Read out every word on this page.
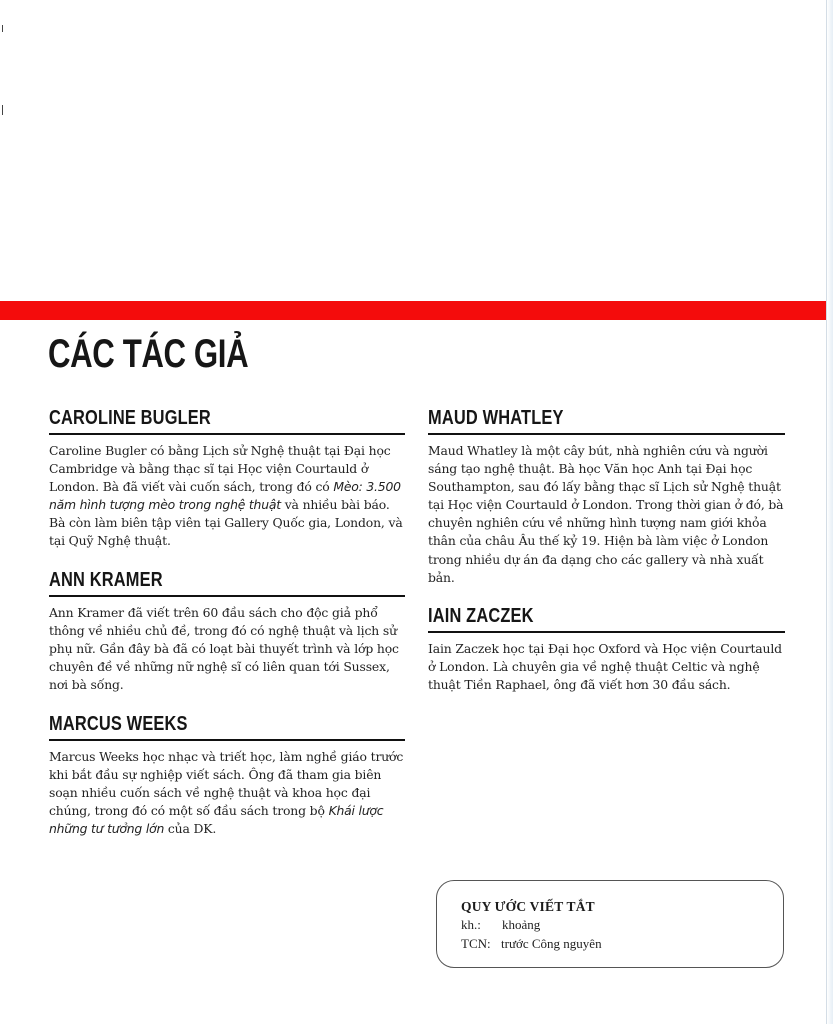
CÁC TÁC GIẢ
CAROLINE BUGLER

Caroline Bugler có bằng Lịch sử Nghệ thuật tại Đại học Cambridge và bằng thạc sĩ tại Học viện Courtauld ở London. Bà đã viết vài cuốn sách, trong đó có Mèo: 3.500 năm hình tượng mèo trong nghệ thuật và nhiều bài báo. Bà còn làm biên tập viên tại Gallery Quốc gia, London, và tại Quỹ Nghệ thuật.

ANN KRAMER

Ann Kramer đã viết trên 60 đầu sách cho độc giả phổ thông về nhiều chủ đề, trong đó có nghệ thuật và lịch sử phụ nữ. Gần đây bà đã có loạt bài thuyết trình và lớp học chuyên đề về những nữ nghệ sĩ có liên quan tới Sussex, nơi bà sống.

MARCUS WEEKS

Marcus Weeks học nhạc và triết học, làm nghề giáo trước khi bắt đầu sự nghiệp viết sách. Ông đã tham gia biên soạn nhiều cuốn sách về nghệ thuật và khoa học đại chúng, trong đó có một số đầu sách trong bộ Khái lược những tư tưởng lớn của DK.

MAUD WHATLEY

Maud Whatley là một cây bút, nhà nghiên cứu và người sáng tạo nghệ thuật. Bà học Văn học Anh tại Đại học Southampton, sau đó lấy bằng thạc sĩ Lịch sử Nghệ thuật tại Học viện Courtauld ở London. Trong thời gian ở đó, bà chuyên nghiên cứu về những hình tượng nam giới khỏa thân của châu Âu thế kỷ 19. Hiện bà làm việc ở London trong nhiều dự án đa dạng cho các gallery và nhà xuất bản.

IAIN ZACZEK

Iain Zaczek học tại Đại học Oxford và Học viện Courtauld ở London. Là chuyên gia về nghệ thuật Celtic và nghệ thuật Tiền Raphael, ông đã viết hơn 30 đầu sách.

QUY ƯỚC VIẾT TẮT
kh.:	khoảng
TCN: trước Công nguyên
